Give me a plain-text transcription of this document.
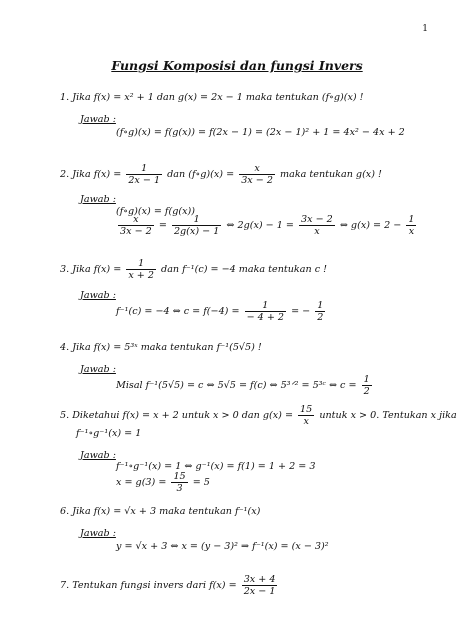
1
Fungsi Komposisi dan fungsi Invers
1. Jika f(x) = x² + 1 dan g(x) = 2x − 1 maka tentukan (f∘g)(x) !
Jawab :
(f∘g)(x) = f(g(x)) = f(2x − 1) = (2x − 1)² + 1 = 4x² − 4x + 2
2. Jika $f(x) = \frac{1}{2x - 1}$ dan (f∘g)(x) = $\frac{x}{3x - 2}$ maka tentukan g(x) !
Jawab :
(f∘g)(x) = f(g(x))
$\frac{x}{3x - 2} = \frac{1}{2g(x) - 1}$ ⇔ $2g(x) - 1 = \frac{3x - 2}{x}$ ⇔ $g(x) = 2 - \frac{1}{x}$
3. Jika $f(x) = \frac{1}{x + 2}$ dan f⁻¹(c) = −4 maka tentukan c !
Jawab :
f⁻¹(c) = −4 ⇔ $c = f(-4) = \frac{1}{- 4 + 2}$ = − $\frac{1}{2}$
4. Jika f(x) = 5³ˣ maka tentukan f⁻¹(5√5) !
Jawab :
Misal f⁻¹(5√5) = c ⇔ 5√5 = f(c) ⇔ 5³ᐟ² = 5³ᶜ ⇔ $c = \frac{1}{2}$
5. Diketahui f(x) = x + 2 untuk x > 0 dan $g(x) = \frac{15}{x}$ untuk x > 0. Tentukan x jika
f⁻¹∘g⁻¹(x) = 1
Jawab :
f⁻¹∘g⁻¹(x) = 1 ⇔ g⁻¹(x) = f(1) = 1 + 2 = 3
$x = g(3) = \frac{15}{3} = 5$
6. Jika f(x) = √x + 3 maka tentukan f⁻¹(x)
Jawab :
y = √x + 3 ⇔ x = (y − 3)² ⇒ f⁻¹(x) = (x − 3)²
7. Tentukan fungsi invers dari $f(x) = \frac{3x + 4}{2x - 1}$
